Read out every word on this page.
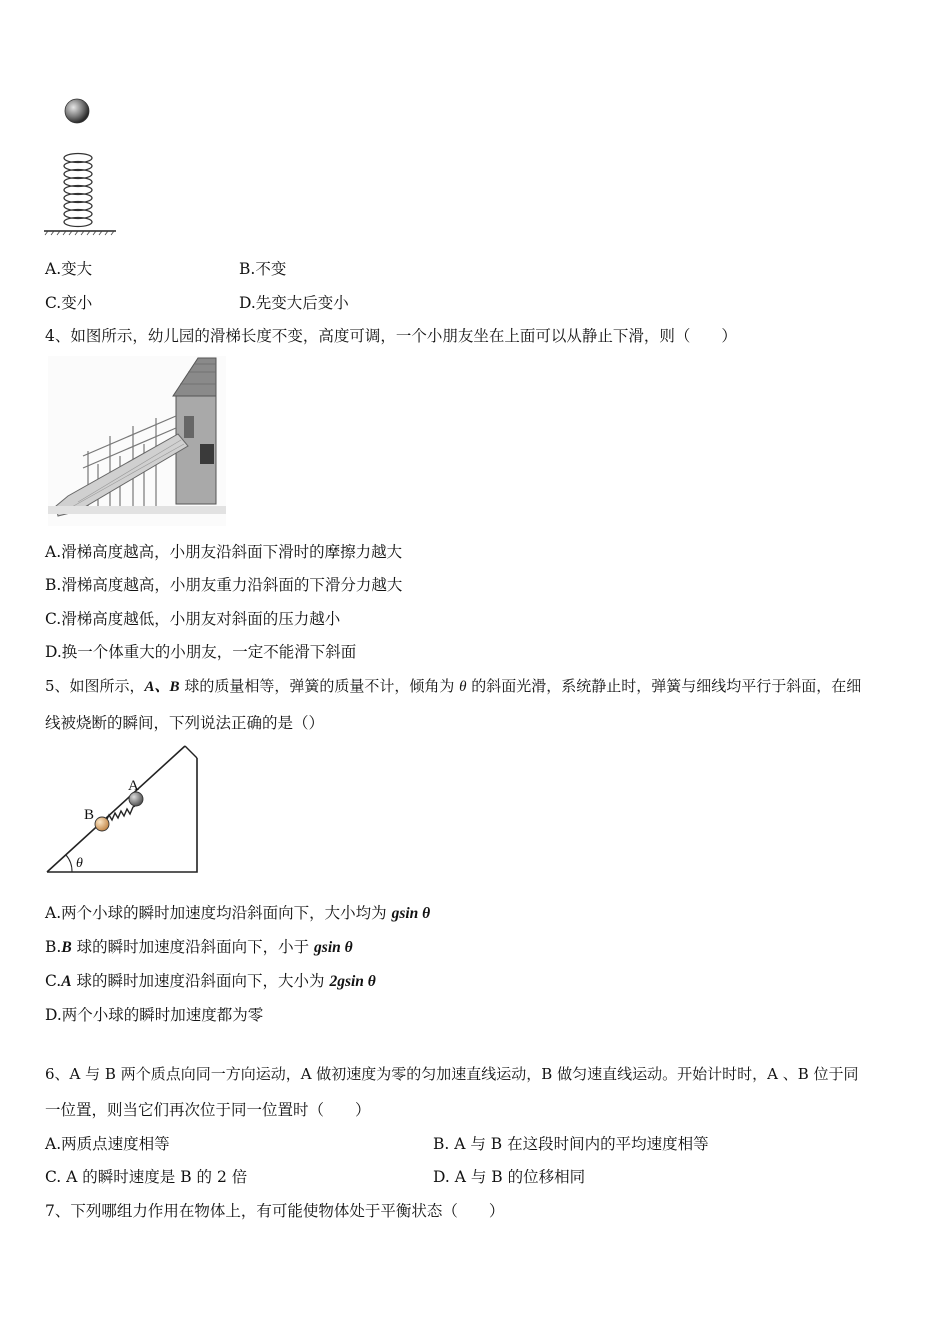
A.变大	B.不变
C.变小	D.先变大后变小
4、如图所示，幼儿园的滑梯长度不变，高度可调，一个小朋友坐在上面可以从静止下滑，则（　　）
A.滑梯高度越高，小朋友沿斜面下滑时的摩擦力越大
B.滑梯高度越高，小朋友重力沿斜面的下滑分力越大
C.滑梯高度越低，小朋友对斜面的压力越小
D.换一个体重大的小朋友，一定不能滑下斜面
5、如图所示，A、B 球的质量相等，弹簧的质量不计，倾角为 θ 的斜面光滑，系统静止时，弹簧与细线均平行于斜面，在细
线被烧断的瞬间，下列说法正确的是（）
θ
B
A
A.两个小球的瞬时加速度均沿斜面向下，大小均为 gsin θ
B.B 球的瞬时加速度沿斜面向下，小于 gsin θ
C.A 球的瞬时加速度沿斜面向下，大小为 2gsin θ
D.两个小球的瞬时加速度都为零
6、A 与 B 两个质点向同一方向运动，A 做初速度为零的匀加速直线运动，B 做匀速直线运动。开始计时时，A 、B 位于同
一位置，则当它们再次位于同一位置时（　　）
A.两质点速度相等	B. A 与 B 在这段时间内的平均速度相等
C. A 的瞬时速度是 B 的 2 倍	D. A 与 B 的位移相同
7、下列哪组力作用在物体上，有可能使物体处于平衡状态（　　）
